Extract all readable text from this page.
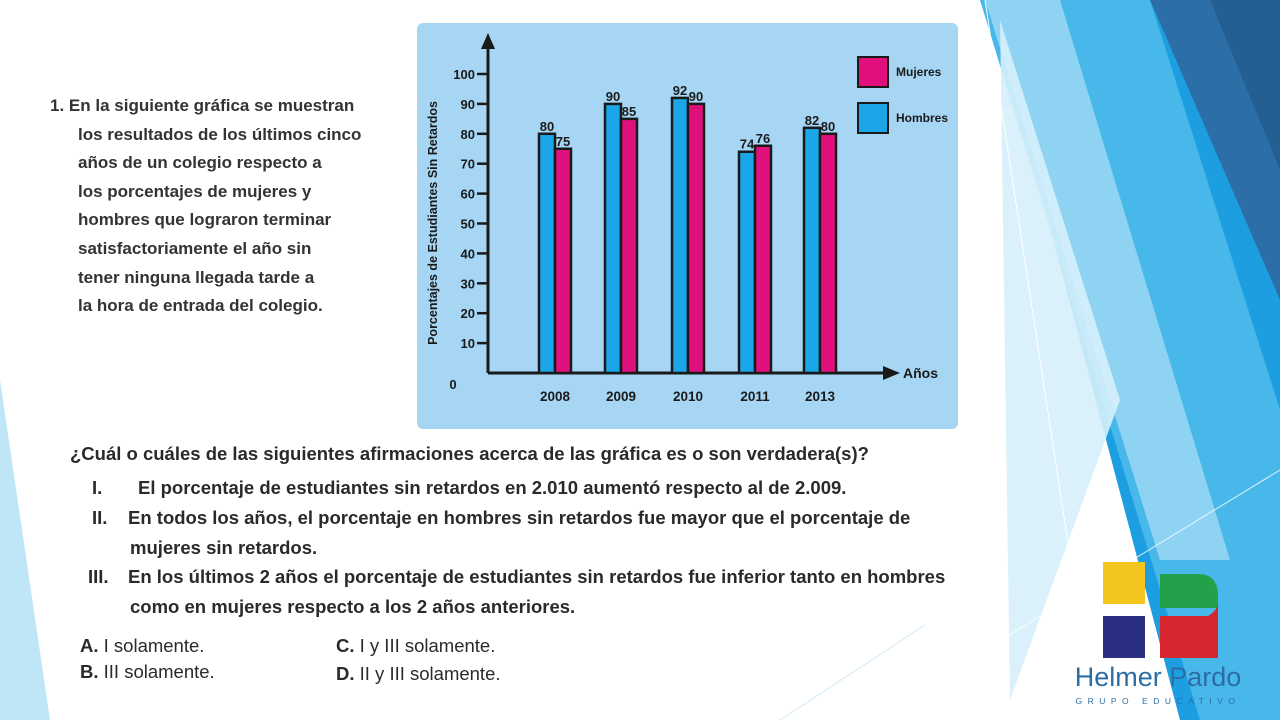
1. En la siguiente gráfica se muestran
los resultados de los últimos cinco
años de un colegio respecto a
los porcentajes de mujeres y
hombres que lograron terminar
satisfactoriamente el año sin
tener ninguna llegada tarde a
la hora de entrada del colegio.
0
10
20
30
40
50
60
70
80
90
100
Porcentajes de Estudiantes Sin Retardos
Años
80
75
2008
90
85
2009
92 90
2010
74 76
2011
82 80
2013
Mujeres
Hombres
¿Cuál o cuáles de las siguientes afirmaciones acerca de las gráfica es o son verdadera(s)?
I. El porcentaje de estudiantes sin retardos en 2.010 aumentó respecto al de 2.009.
II. En todos los años, el porcentaje en hombres sin retardos fue mayor que el porcentaje de
mujeres sin retardos.
III. En los últimos 2 años el porcentaje de estudiantes sin retardos fue inferior tanto en hombres
como en mujeres respecto a los 2 años anteriores.
A. I solamente.
B. III solamente.
C. I y III solamente.
D. II y III solamente.	Helmer Pardo
GRUPO EDUCATIVO
